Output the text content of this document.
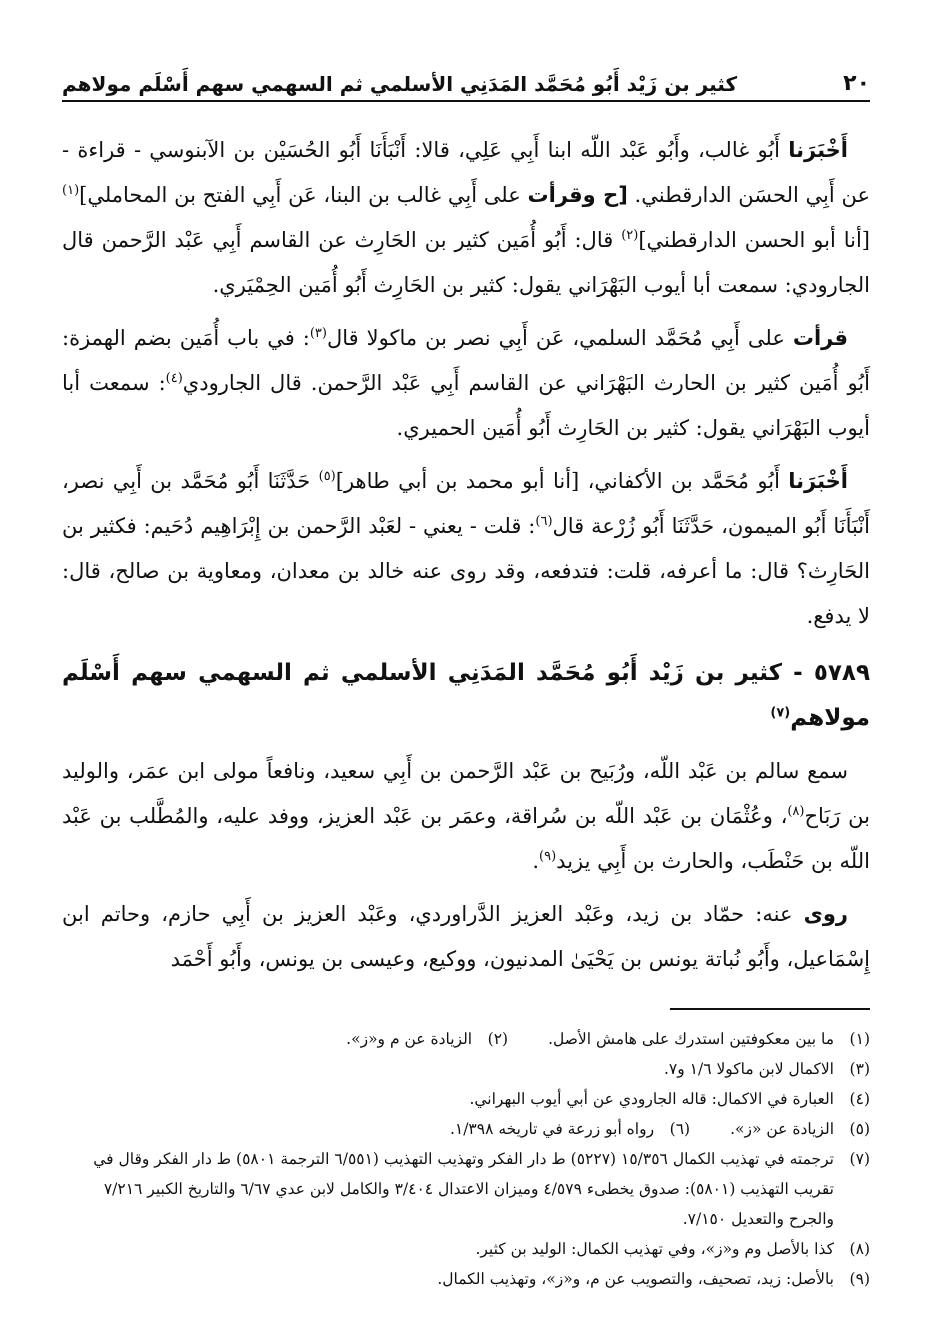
٢٠
كثير بن زَيْد أَبُو مُحَمَّد المَدَنِي الأسلمي ثم السهمي سهم أَسْلَم مولاهم
أَخْبَرَنا أَبُو غالب، وأَبُو عَبْد اللّه ابنا أَبِي عَلِي، قالا: أَنْبَأَنَا أَبُو الحُسَيْن بن الآبنوسي - قراءة - عن أَبِي الحسَن الدارقطني. [ح وقرأت على أَبِي غالب بن البنا، عَن أَبِي الفتح بن المحاملي]$^{(١)}$ [أنا أبو الحسن الدارقطني]$^{(٢)}$ قال: أَبُو أُمَين كثير بن الحَارِث عن القاسم أَبِي عَبْد الرَّحمن قال الجارودي: سمعت أبا أيوب البَهْرَاني يقول: كثير بن الحَارِث أَبُو أُمَين الحِمْيَري.
قرأت على أَبِي مُحَمَّد السلمي، عَن أَبِي نصر بن ماكولا قال$^{(٣)}$: في باب أُمَين بضم الهمزة: أَبُو أُمَين كثير بن الحارث البَهْرَاني عن القاسم أَبِي عَبْد الرَّحمن. قال الجارودي$^{(٤)}$: سمعت أبا أيوب البَهْرَاني يقول: كثير بن الحَارِث أَبُو أُمَين الحميري.
أَخْبَرَنا أَبُو مُحَمَّد بن الأكفاني، [أنا أبو محمد بن أبي طاهر]$^{(٥)}$ حَدَّثَنَا أَبُو مُحَمَّد بن أَبِي نصر، أَنْبَأَنَا أَبُو الميمون، حَدَّثَنَا أَبُو زُرْعة قال$^{(٦)}$: قلت - يعني - لعَبْد الرَّحمن بن إِبْرَاهِيم دُحَيم: فكثير بن الحَارِث؟ قال: ما أعرفه، قلت: فتدفعه، وقد روى عنه خالد بن معدان، ومعاوية بن صالح، قال: لا يدفع.
٥٧٨٩ - كثير بن زَيْد أَبُو مُحَمَّد المَدَنِي الأسلمي ثم السهمي سهم أَسْلَم مولاهم$^{(٧)}$
سمع سالم بن عَبْد اللّه، ورُبَيح بن عَبْد الرَّحمن بن أَبِي سعيد، ونافعاً مولى ابن عمَر، والوليد بن رَبَاح$^{(٨)}$، وعُثْمَان بن عَبْد اللّه بن سُراقة، وعمَر بن عَبْد العزيز، ووفد عليه، والمُطَّلب بن عَبْد اللّه بن حَنْطَب، والحارث بن أَبِي يزيد$^{(٩)}$.
روى عنه: حمّاد بن زيد، وعَبْد العزيز الدَّراوردي، وعَبْد العزيز بن أَبِي حازم، وحاتم ابن إِسْمَاعيل، وأَبُو نُباتة يونس بن يَحْيَىٰ المدنيون، ووكيع، وعيسى بن يونس، وأَبُو أَحْمَد
(١)
ما بين معكوفتين استدرك على هامش الأصل.
(٢)
الزيادة عن م و«ز».
(٣)
الاكمال لابن ماكولا ١/٦ و٧.
(٤)
العبارة في الاكمال: قاله الجارودي عن أبي أيوب البهراني.
(٥)
الزيادة عن «ز».
(٦)
رواه أبو زرعة في تاريخه ١/٣٩٨.
(٧)
ترجمته في تهذيب الكمال ١٥/٣٥٦ (٥٢٢٧) ط دار الفكر وتهذيب التهذيب (٦/٥٥١ الترجمة ٥٨٠١) ط دار الفكر وقال في تقريب التهذيب (٥٨٠١): صدوق يخطىء ٤/٥٧٩ وميزان الاعتدال ٣/٤٠٤ والكامل لابن عدي ٦/٦٧ والتاريخ الكبير ٧/٢١٦ والجرح والتعديل ٧/١٥٠.
(٨)
كذا بالأصل وم و«ز»، وفي تهذيب الكمال: الوليد بن كثير.
(٩)
بالأصل: زيد، تصحيف، والتصويب عن م، و«ز»، وتهذيب الكمال.
